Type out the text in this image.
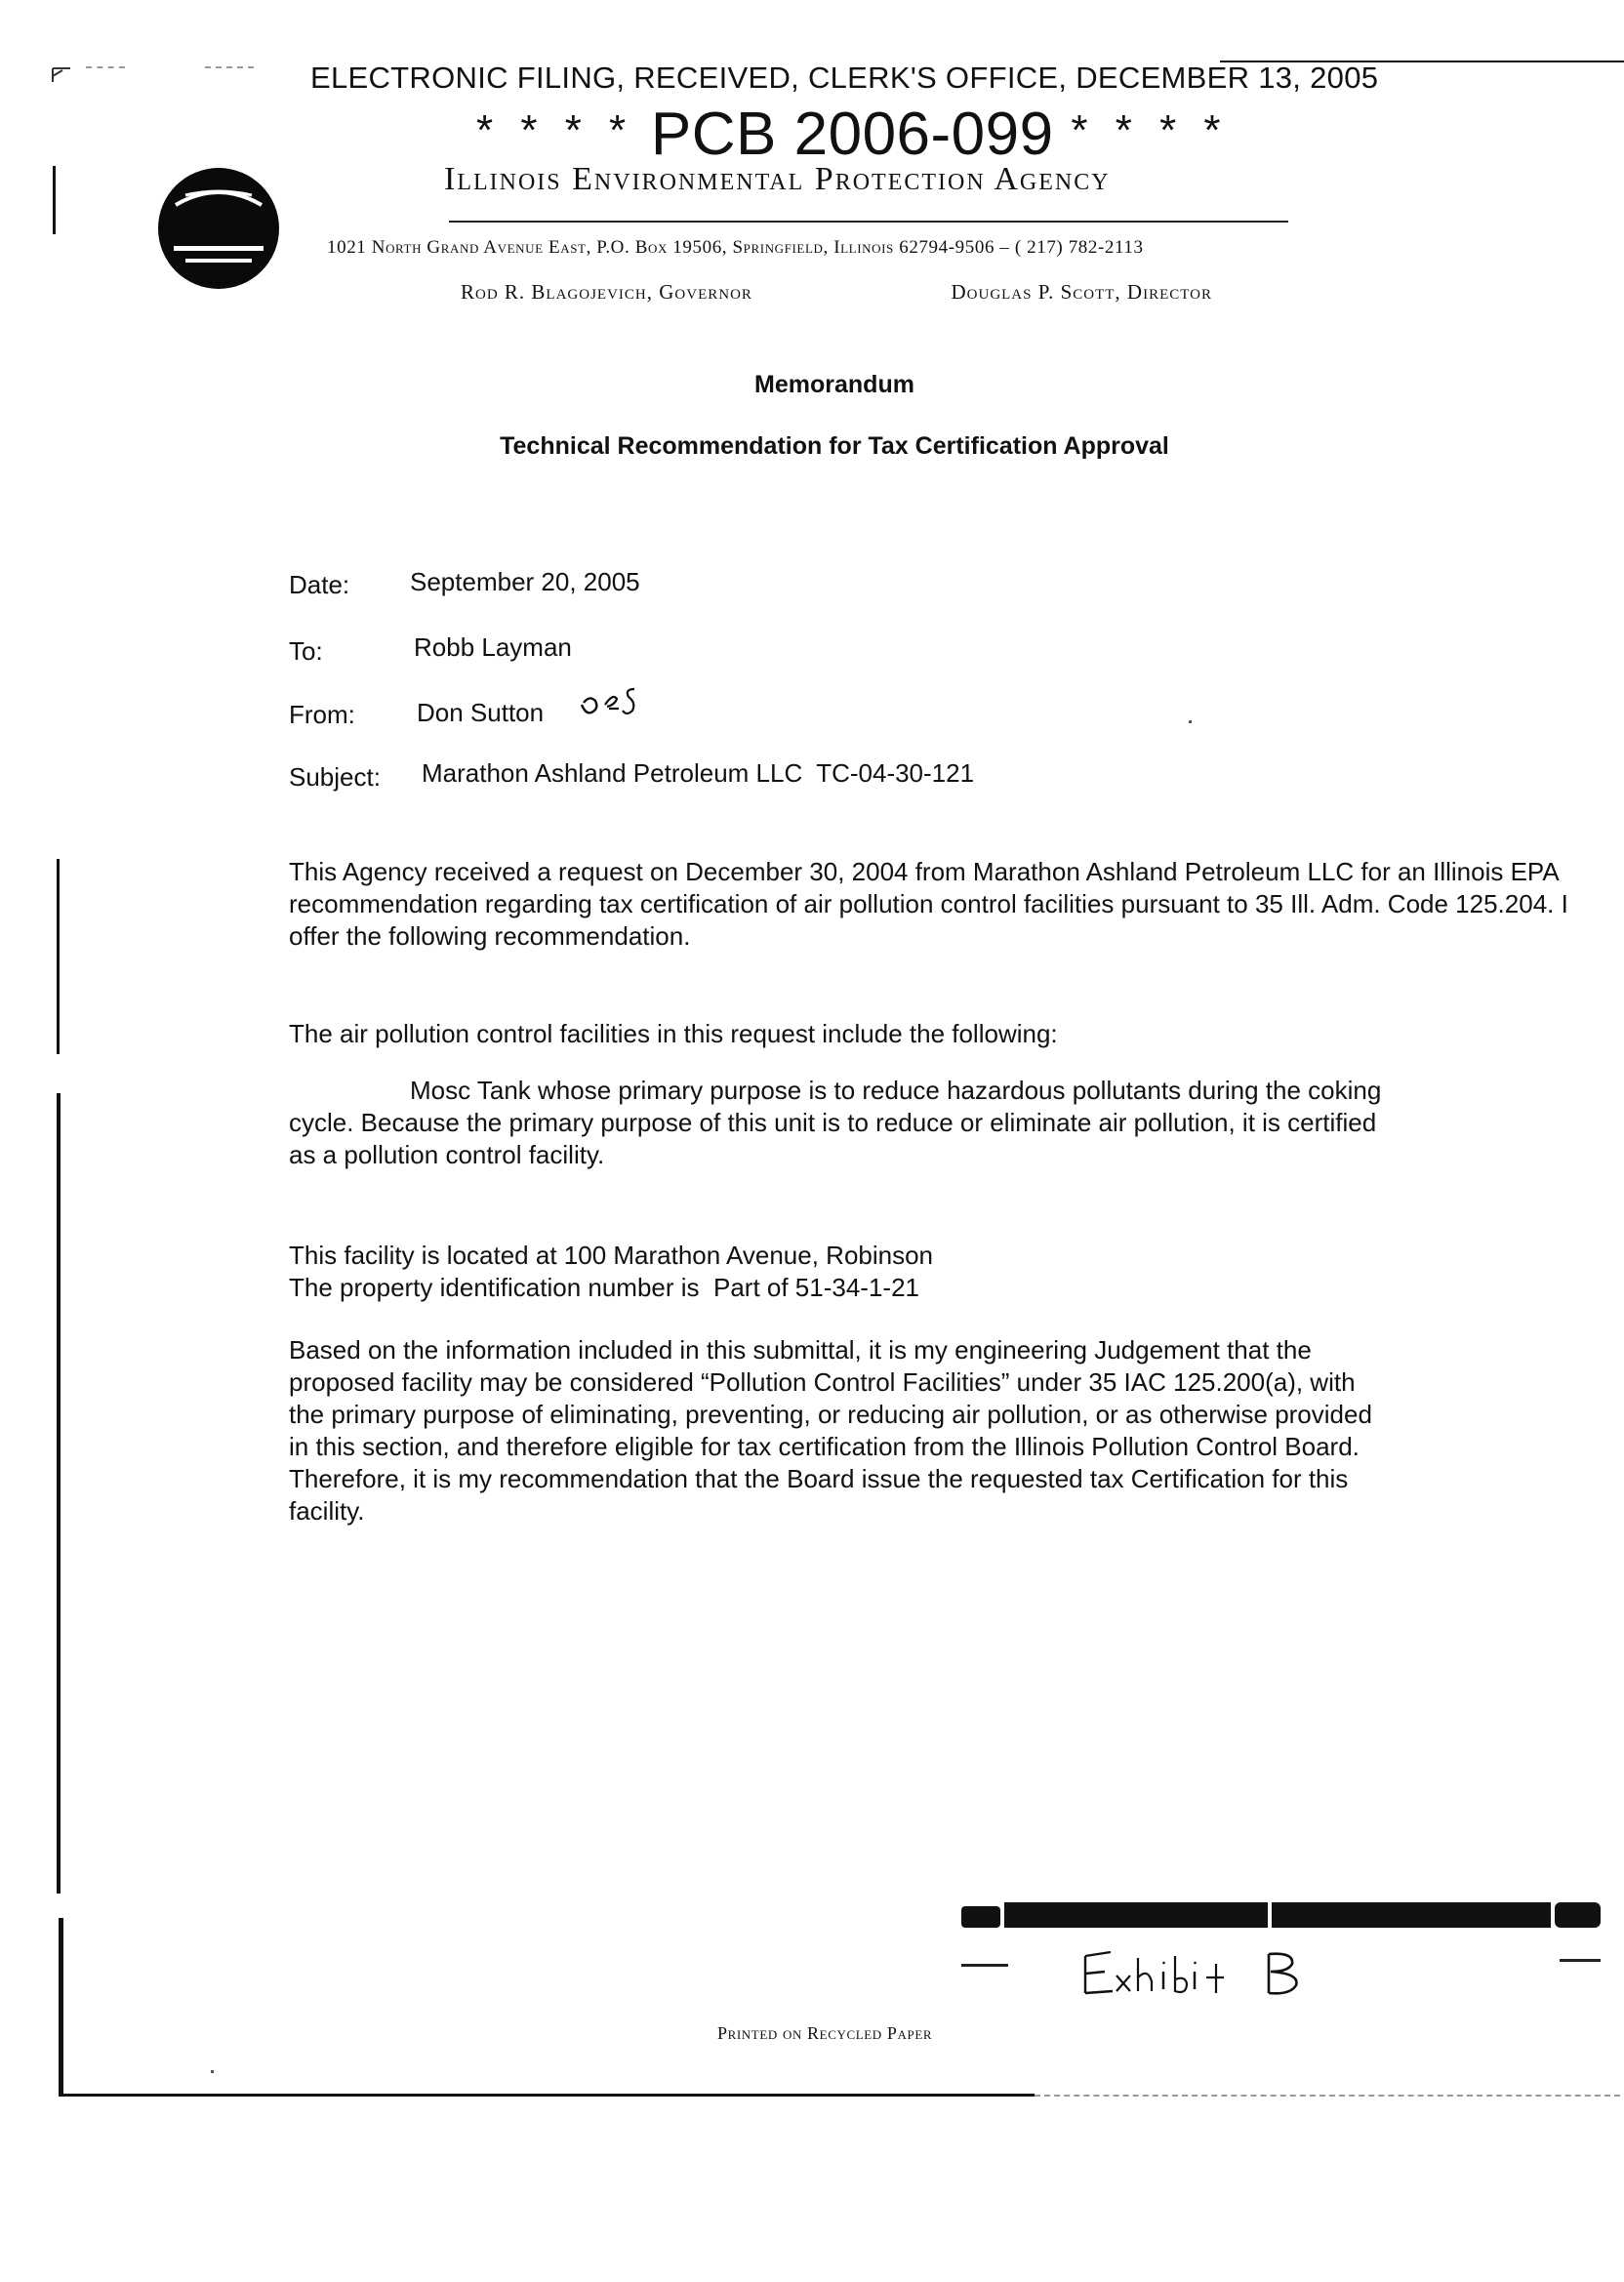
ELECTRONIC FILING, RECEIVED, CLERK'S OFFICE, DECEMBER 13, 2005
* * * * PCB 2006-099 * * * *
Illinois Environmental Protection Agency
1021 North Grand Avenue East, P.O. Box 19506, Springfield, Illinois 62794-9506 – ( 217) 782-2113
Rod R. Blagojevich, Governor	Douglas P. Scott, Director
Memorandum
Technical Recommendation for Tax Certification Approval
Date: September 20, 2005
To:	Robb Layman
From: Don Sutton
Subject: Marathon Ashland Petroleum LLC  TC-04-30-121
This Agency received a request on December 30, 2004 from Marathon Ashland Petroleum LLC for an Illinois EPA recommendation regarding tax certification of air pollution control facilities pursuant to 35 Ill. Adm. Code 125.204. I offer the following recommendation.
The air pollution control facilities in this request include the following:
Mosc Tank whose primary purpose is to reduce hazardous pollutants during the coking cycle. Because the primary purpose of this unit is to reduce or eliminate air pollution, it is certified as a pollution control facility.
This facility is located at 100 Marathon Avenue, Robinson
The property identification number is  Part of 51-34-1-21
Based on the information included in this submittal, it is my engineering Judgement that the proposed facility may be considered “Pollution Control Facilities” under 35 IAC 125.200(a), with the primary purpose of eliminating, preventing, or reducing air pollution, or as otherwise provided in this section, and therefore eligible for tax certification from the Illinois Pollution Control Board. Therefore, it is my recommendation that the Board issue the requested tax Certification for this facility.
Printed on Recycled Paper
